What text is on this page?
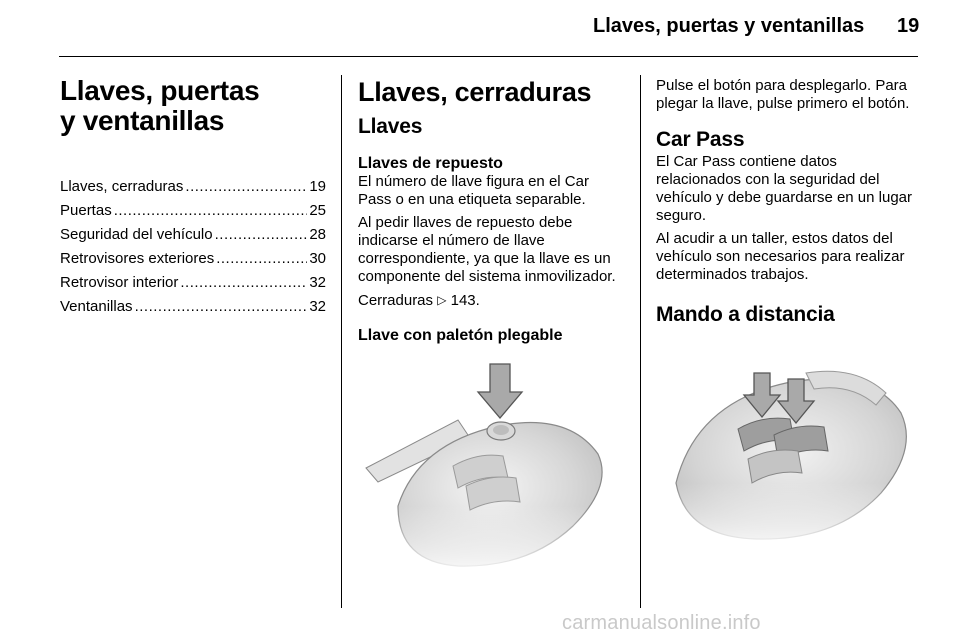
Llaves, puertas y ventanillas 19
Llaves, puertas
y ventanillas
Llaves, cerraduras .....	19
Puertas .....	25
Seguridad del vehículo .....	28
Retrovisores exteriores .....	30
Retrovisor interior .....	32
Ventanillas .....	32
Llaves, cerraduras
Llaves
Llaves de repuesto

El número de llave figura en el Car Pass o en una etiqueta separable.

Al pedir llaves de repuesto debe indicarse el número de llave correspondiente, ya que la llave es un componente del sistema inmovilizador.

Cerraduras ▷ 143.

Llave con paletón plegable

Pulse el botón para desplegarlo. Para plegar la llave, pulse primero el botón.

Car Pass

El Car Pass contiene datos relacionados con la seguridad del vehículo y debe guardarse en un lugar seguro.

Al acudir a un taller, estos datos del vehículo son necesarios para realizar determinados trabajos.

Mando a distancia
carmanualsonline.info
